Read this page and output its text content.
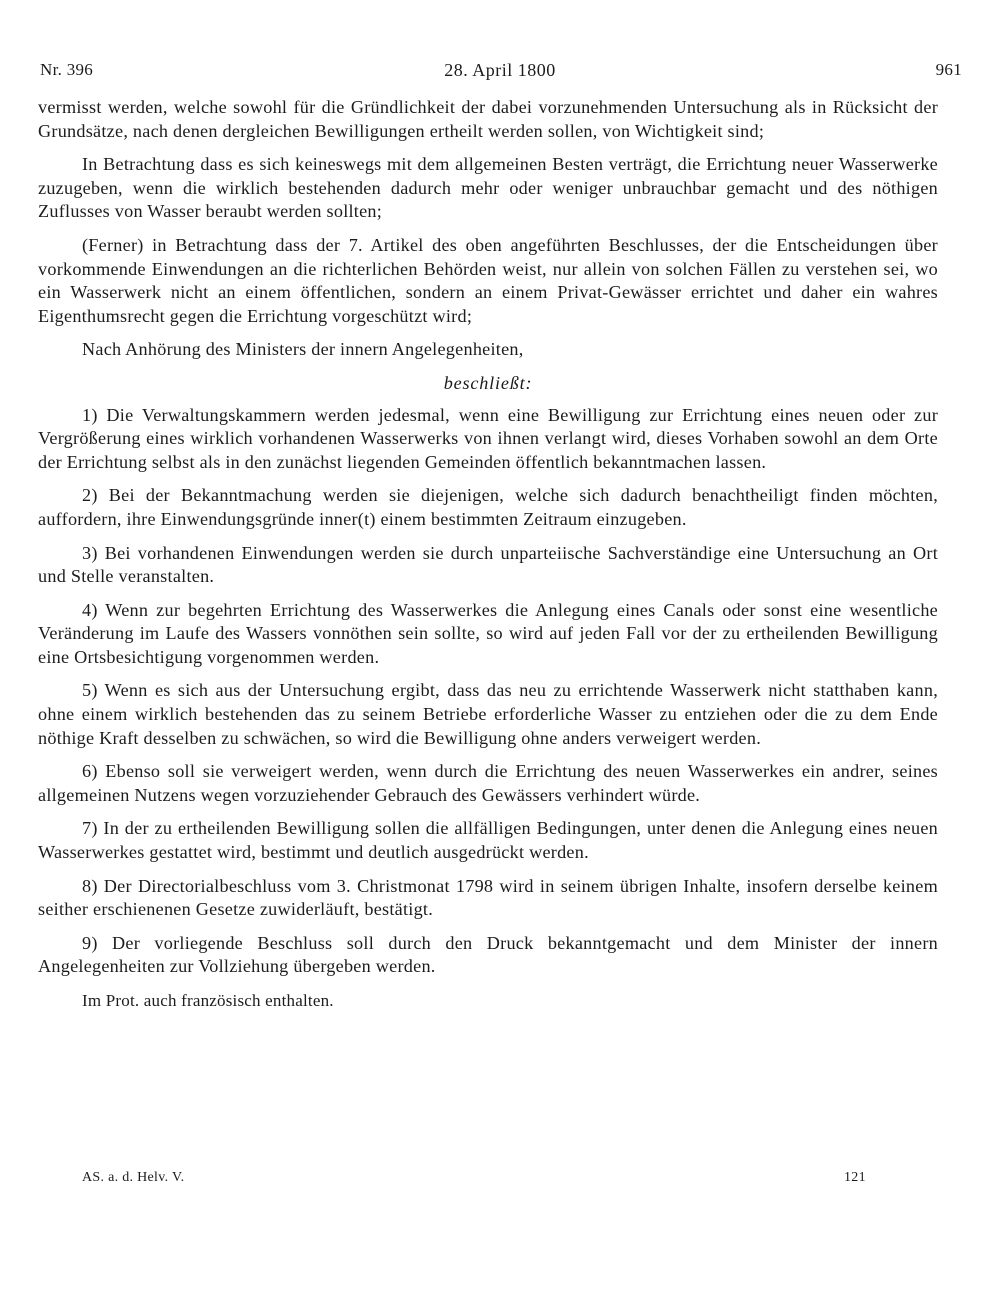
Nr. 396	28. April 1800	961

vermisst werden, welche sowohl für die Gründlichkeit der dabei vorzunehmenden Untersuchung als in Rücksicht der Grundsätze, nach denen dergleichen Bewilligungen ertheilt werden sollen, von Wichtigkeit sind;

In Betrachtung dass es sich keineswegs mit dem allgemeinen Besten verträgt, die Errichtung neuer Wasserwerke zuzugeben, wenn die wirklich bestehenden dadurch mehr oder weniger unbrauchbar gemacht und des nöthigen Zuflusses von Wasser beraubt werden sollten;

(Ferner) in Betrachtung dass der 7. Artikel des oben angeführten Beschlusses, der die Entscheidungen über vorkommende Einwendungen an die richterlichen Behörden weist, nur allein von solchen Fällen zu verstehen sei, wo ein Wasserwerk nicht an einem öffentlichen, sondern an einem Privat-Gewässer errichtet und daher ein wahres Eigenthumsrecht gegen die Errichtung vorgeschützt wird;

Nach Anhörung des Ministers der innern Angelegenheiten,

beschließt:

1) Die Verwaltungskammern werden jedesmal, wenn eine Bewilligung zur Errichtung eines neuen oder zur Vergrößerung eines wirklich vorhandenen Wasserwerks von ihnen verlangt wird, dieses Vorhaben sowohl an dem Orte der Errichtung selbst als in den zunächst liegenden Gemeinden öffentlich bekanntmachen lassen.

2) Bei der Bekanntmachung werden sie diejenigen, welche sich dadurch benachtheiligt finden möchten, auffordern, ihre Einwendungsgründe inner(t) einem bestimmten Zeitraum einzugeben.

3) Bei vorhandenen Einwendungen werden sie durch unparteiische Sachverständige eine Untersuchung an Ort und Stelle veranstalten.

4) Wenn zur begehrten Errichtung des Wasserwerkes die Anlegung eines Canals oder sonst eine wesentliche Veränderung im Laufe des Wassers vonnöthen sein sollte, so wird auf jeden Fall vor der zu ertheilenden Bewilligung eine Ortsbesichtigung vorgenommen werden.

5) Wenn es sich aus der Untersuchung ergibt, dass das neu zu errichtende Wasserwerk nicht statthaben kann, ohne einem wirklich bestehenden das zu seinem Betriebe erforderliche Wasser zu entziehen oder die zu dem Ende nöthige Kraft desselben zu schwächen, so wird die Bewilligung ohne anders verweigert werden.

6) Ebenso soll sie verweigert werden, wenn durch die Errichtung des neuen Wasserwerkes ein andrer, seines allgemeinen Nutzens wegen vorzuziehender Gebrauch des Gewässers verhindert würde.

7) In der zu ertheilenden Bewilligung sollen die allfälligen Bedingungen, unter denen die Anlegung eines neuen Wasserwerkes gestattet wird, bestimmt und deutlich ausgedrückt werden.

8) Der Directorialbeschluss vom 3. Christmonat 1798 wird in seinem übrigen Inhalte, insofern derselbe keinem seither erschienenen Gesetze zuwiderläuft, bestätigt.

9) Der vorliegende Beschluss soll durch den Druck bekanntgemacht und dem Minister der innern Angelegenheiten zur Vollziehung übergeben werden.

Im Prot. auch französisch enthalten.

AS. a. d. Helv. V.	121
